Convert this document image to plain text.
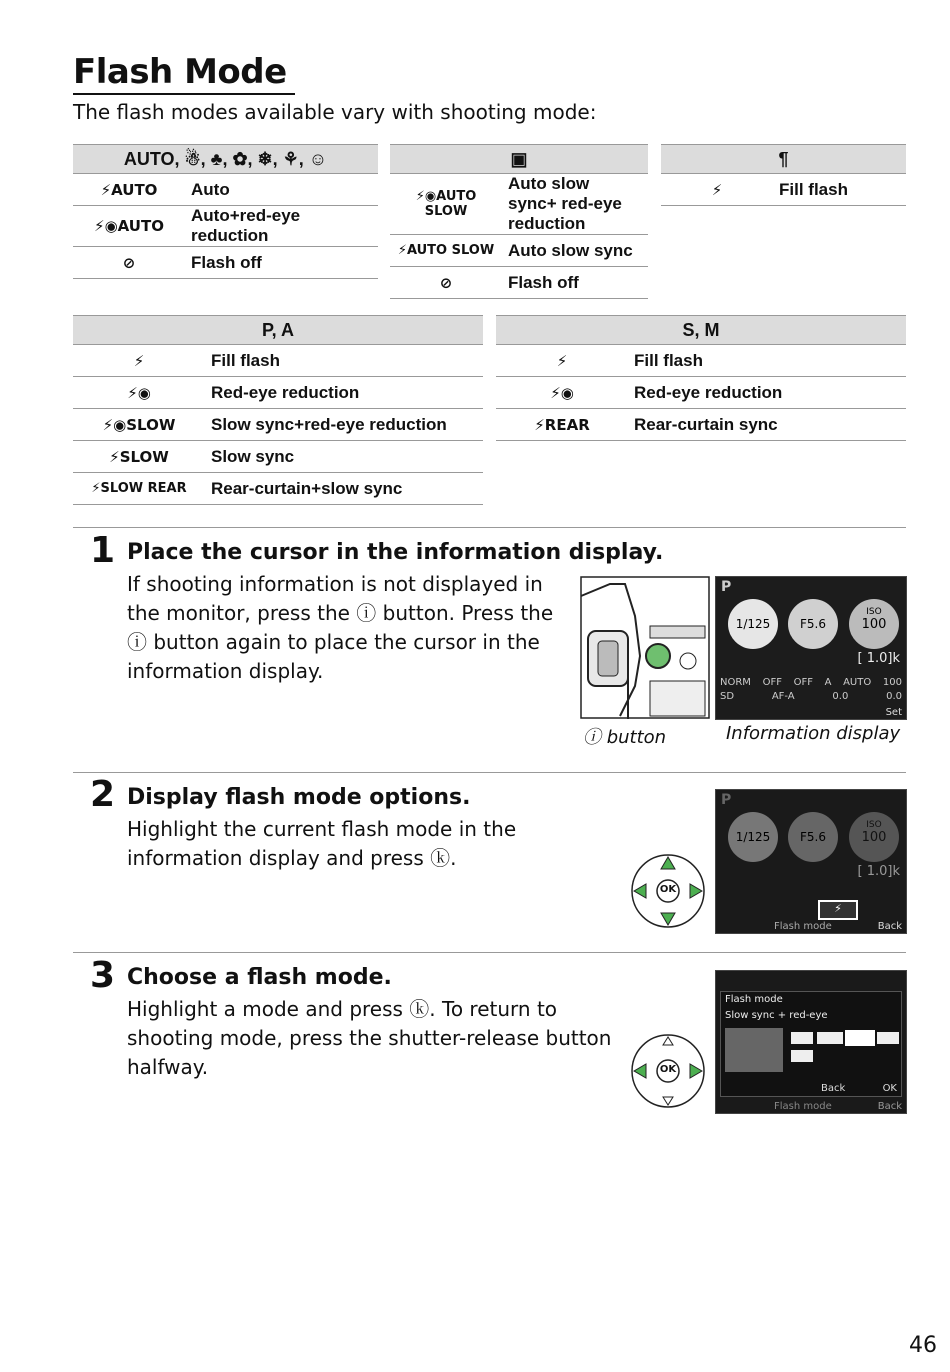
Flash Mode
The flash modes available vary with shooting mode:
AUTO, ☃, ♣, ✿, ❄, ⚘, ☺	
⚡AUTO	Auto
⚡◉AUTO	Auto+red-eye reduction
⊘	Flash off
▣	
⚡◉AUTO SLOW	Auto slow sync+ red-eye reduction
⚡AUTO SLOW	Auto slow sync
⊘	Flash off
¶
⚡	Fill flash
P, A	
⚡	Fill flash
⚡◉	Red-eye reduction
⚡◉SLOW	Slow sync+red-eye reduction
⚡SLOW	Slow sync
⚡SLOW REAR	Rear-curtain+slow sync
S, M	
⚡	Fill flash
⚡◉	Red-eye reduction
⚡REAR	Rear-curtain sync
1 Place the cursor in the information display.
If shooting information is not displayed in the monitor, press the ⓘ button. Press the ⓘ button again to place the cursor in the information display.
P
1/125	F5.6
ISO
100
[ 1.0]k
NORM OFF OFF A AUTO 100
SD	AF-A	0.0	0.0
Set
ⓘ button	Information display
2 Display flash mode options.
Highlight the current flash mode in the information display and press ⓚ.
OK
P
1/125	F5.6
ISO
100
[ 1.0]k
⚡
Flash mode	Back
3 Choose a flash mode.
Highlight a mode and press ⓚ. To return to shooting mode, press the shutter-release button halfway.	OK
Flash mode
Slow sync + red-eye
Back	OK
Flash mode	Back
46
